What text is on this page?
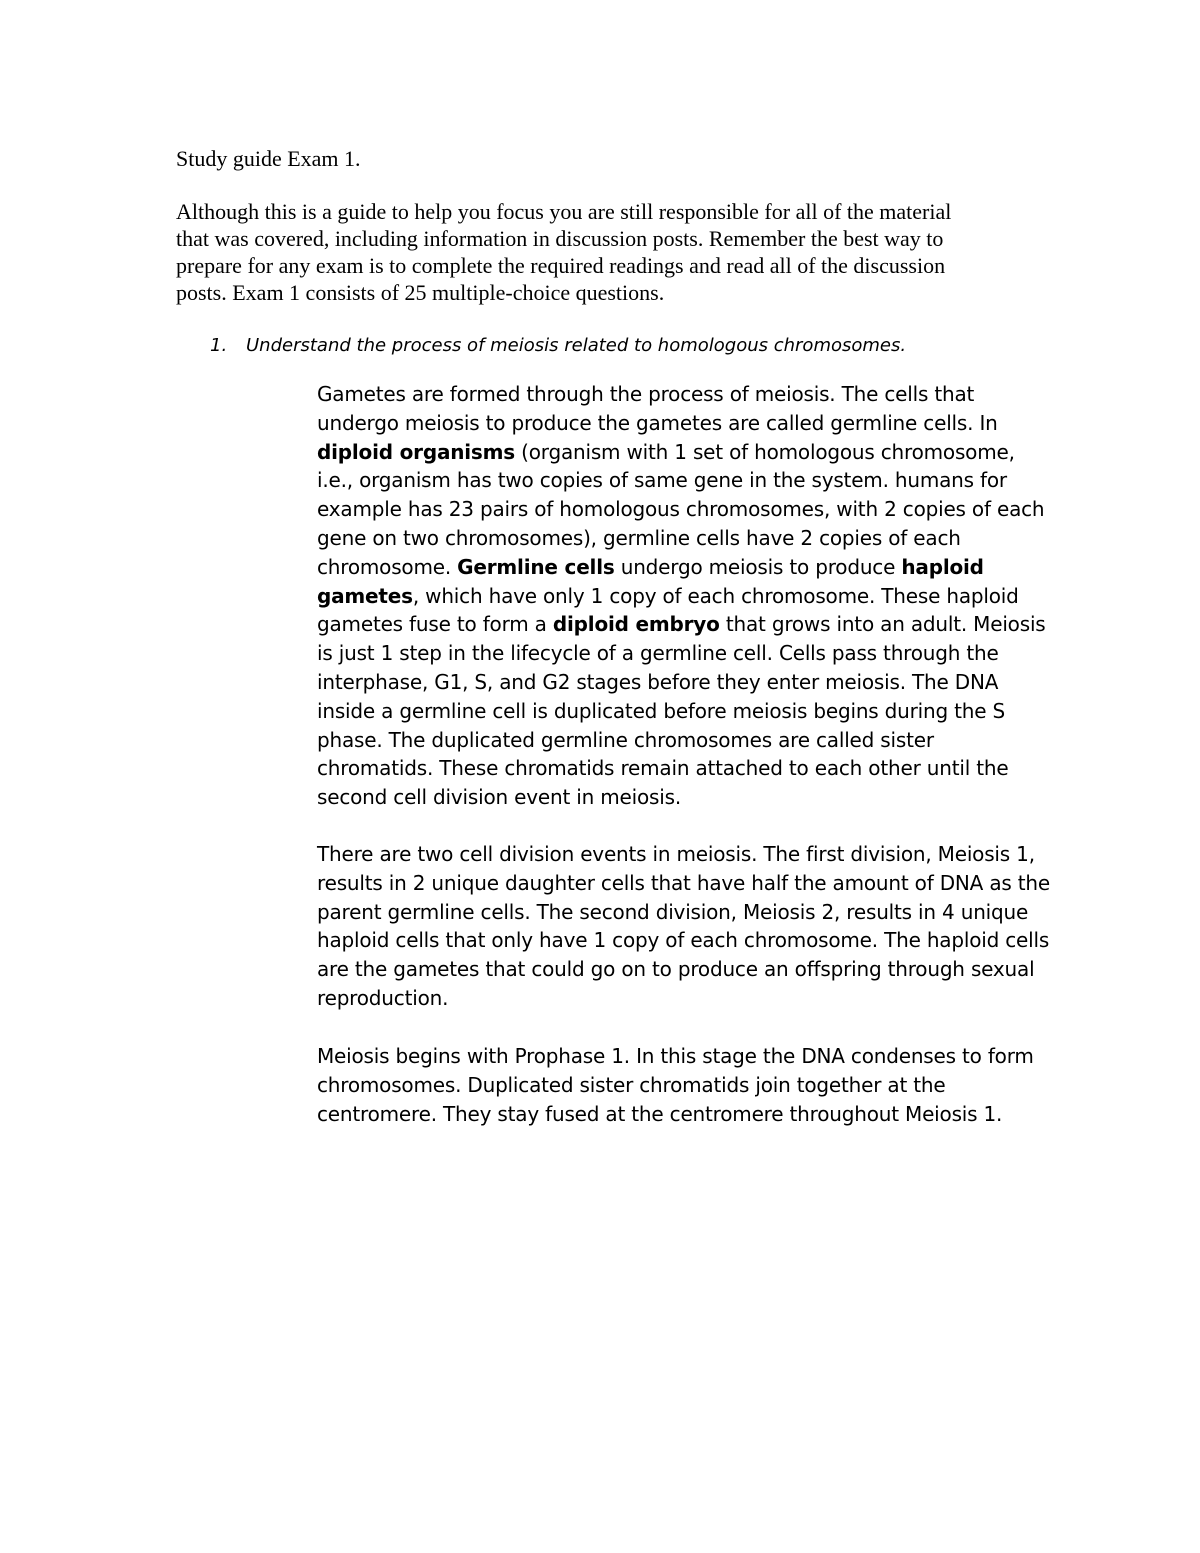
Study guide Exam 1.
Although this is a guide to help you focus you are still responsible for all of the material
that was covered, including information in discussion posts. Remember the best way to
prepare for any exam is to complete the required readings and read all of the discussion
posts. Exam 1 consists of 25 multiple-choice questions.
1. Understand the process of meiosis related to homologous chromosomes.
Gametes are formed through the process of meiosis. The cells that
undergo meiosis to produce the gametes are called germline cells. In
diploid organisms (organism with 1 set of homologous chromosome,
i.e., organism has two copies of same gene in the system. humans for
example has 23 pairs of homologous chromosomes, with 2 copies of each
gene on two chromosomes), germline cells have 2 copies of each
chromosome. Germline cells undergo meiosis to produce haploid
gametes, which have only 1 copy of each chromosome. These haploid
gametes fuse to form a diploid embryo that grows into an adult. Meiosis
is just 1 step in the lifecycle of a germline cell. Cells pass through the
interphase, G1, S, and G2 stages before they enter meiosis. The DNA
inside a germline cell is duplicated before meiosis begins during the S
phase. The duplicated germline chromosomes are called sister
chromatids. These chromatids remain attached to each other until the
second cell division event in meiosis.
There are two cell division events in meiosis. The first division, Meiosis 1,
results in 2 unique daughter cells that have half the amount of DNA as the
parent germline cells. The second division, Meiosis 2, results in 4 unique
haploid cells that only have 1 copy of each chromosome. The haploid cells
are the gametes that could go on to produce an offspring through sexual
reproduction.
Meiosis begins with Prophase 1. In this stage the DNA condenses to form
chromosomes. Duplicated sister chromatids join together at the
centromere. They stay fused at the centromere throughout Meiosis 1.
